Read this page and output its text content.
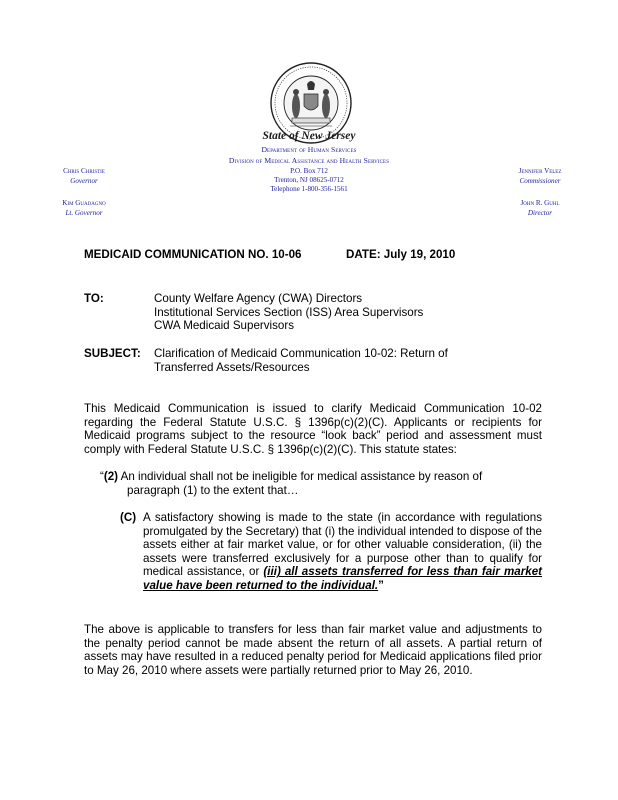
State of New Jersey
Department of Human Services
Division of Medical Assistance and Health Services
P.O. Box 712
Trenton, NJ 08625-0712
Telephone 1-800-356-1561
Chris Christie
Governor
Kim Guadagno
Lt. Governor
Jennifer Velez
Commissioner
John R. Guhl
Director
MEDICAID COMMUNICATION NO. 10-06	DATE: July 19, 2010
TO:	County Welfare Agency (CWA) Directors
Institutional Services Section (ISS) Area Supervisors
CWA Medicaid Supervisors
SUBJECT: Clarification of Medicaid Communication 10-02: Return of
Transferred Assets/Resources
This Medicaid Communication is issued to clarify Medicaid Communication 10-02 regarding the Federal Statute U.S.C. § 1396p(c)(2)(C). Applicants or recipients for Medicaid programs subject to the resource “look back” period and assessment must comply with Federal Statute U.S.C. § 1396p(c)(2)(C). This statute states:
“(2) An individual shall not be ineligible for medical assistance by reason of
paragraph (1) to the extent that…
(C) A satisfactory showing is made to the state (in accordance with regulations promulgated by the Secretary) that (i) the individual intended to dispose of the assets either at fair market value, or for other valuable consideration, (ii) the assets were transferred exclusively for a purpose other than to qualify for medical assistance, or (iii) all assets transferred for less than fair market value have been returned to the individual.”
The above is applicable to transfers for less than fair market value and adjustments to the penalty period cannot be made absent the return of all assets. A partial return of assets may have resulted in a reduced penalty period for Medicaid applications filed prior to May 26, 2010 where assets were partially returned prior to May 26, 2010.
